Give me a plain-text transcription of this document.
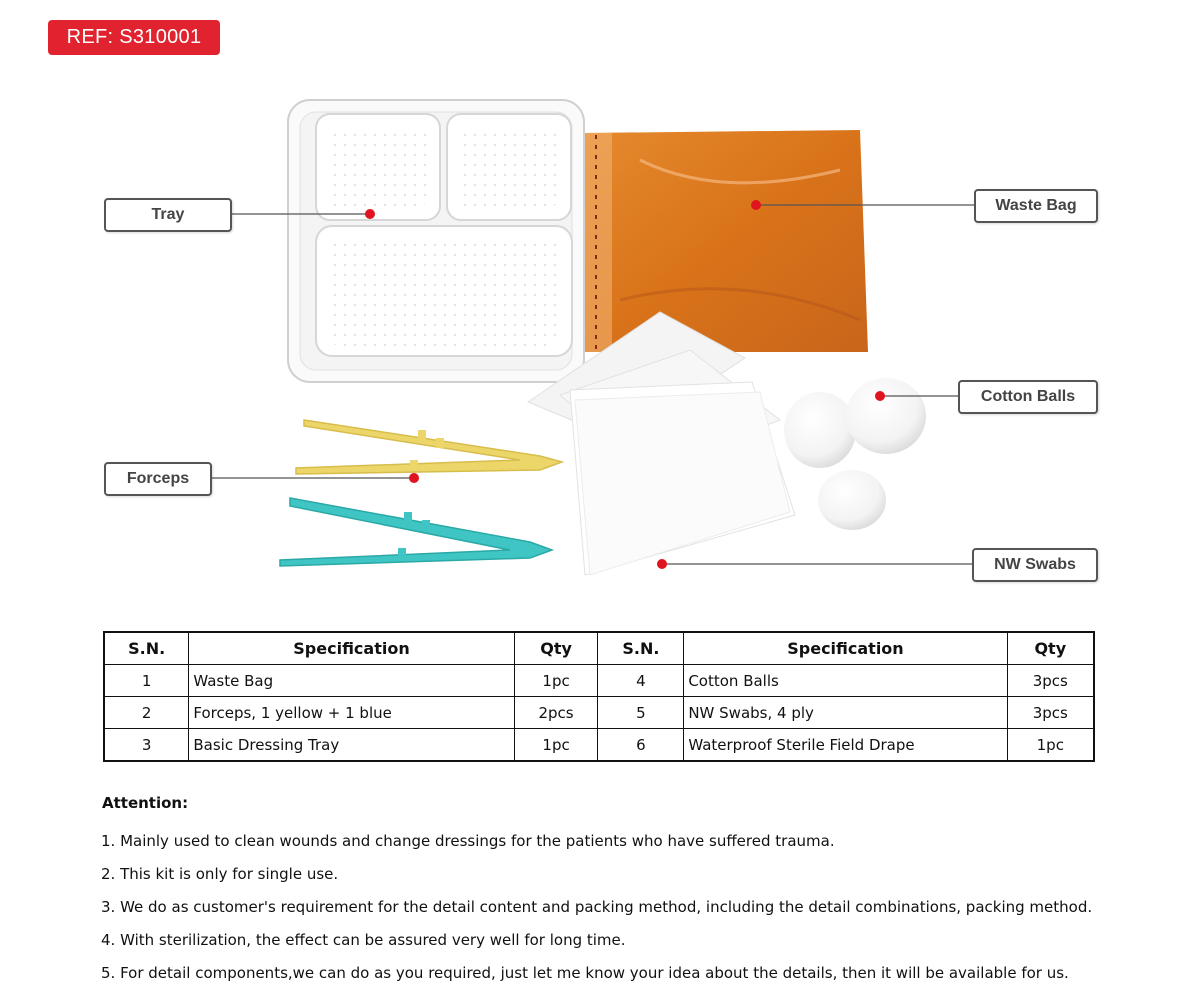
REF: S310001
Tray
Waste Bag
Cotton Balls
Forceps
NW Swabs
S.N.	Specification	Qty	S.N.	Specification	Qty
1	Waste Bag	1pc	4	Cotton Balls	3pcs
2	Forceps, 1 yellow + 1 blue	2pcs	5	NW Swabs, 4 ply	3pcs
3	Basic Dressing Tray	1pc	6	Waterproof Sterile Field Drape	1pc
Attention:
1. Mainly used to clean wounds and change dressings for the patients who have suffered trauma.
2. This kit is only for single use.
3. We do as customer's requirement for the detail content and packing method, including the detail combinations, packing method.
4. With sterilization, the effect can be assured very well for long time.
5. For detail components,we can do as you required, just let me know your idea about the details, then it will be available for us.
